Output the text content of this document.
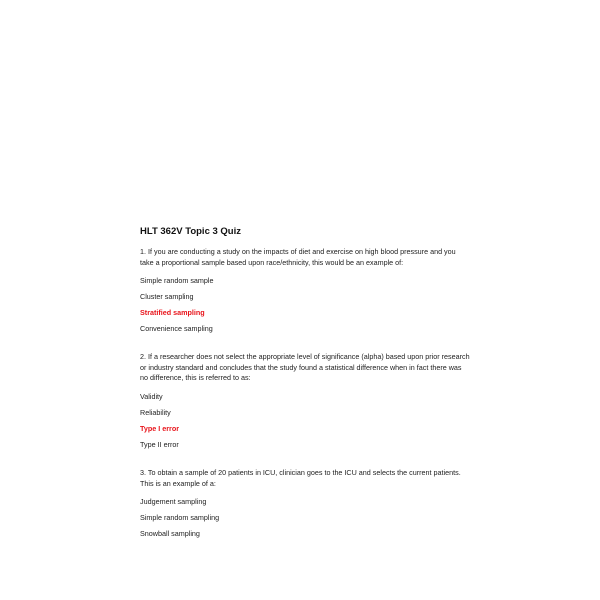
HLT 362V Topic 3 Quiz

1. If you are conducting a study on the impacts of diet and exercise on high blood pressure and you take a proportional sample based upon race/ethnicity, this would be an example of:

Simple random sample

Cluster sampling

Stratified sampling

Convenience sampling

2. If a researcher does not select the appropriate level of significance (alpha) based upon prior research or industry standard and concludes that the study found a statistical difference when in fact there was no difference, this is referred to as:

Validity

Reliability

Type I error

Type II error

3. To obtain a sample of 20 patients in ICU, clinician goes to the ICU and selects the current patients. This is an example of a:

Judgement sampling

Simple random sampling

Snowball sampling
